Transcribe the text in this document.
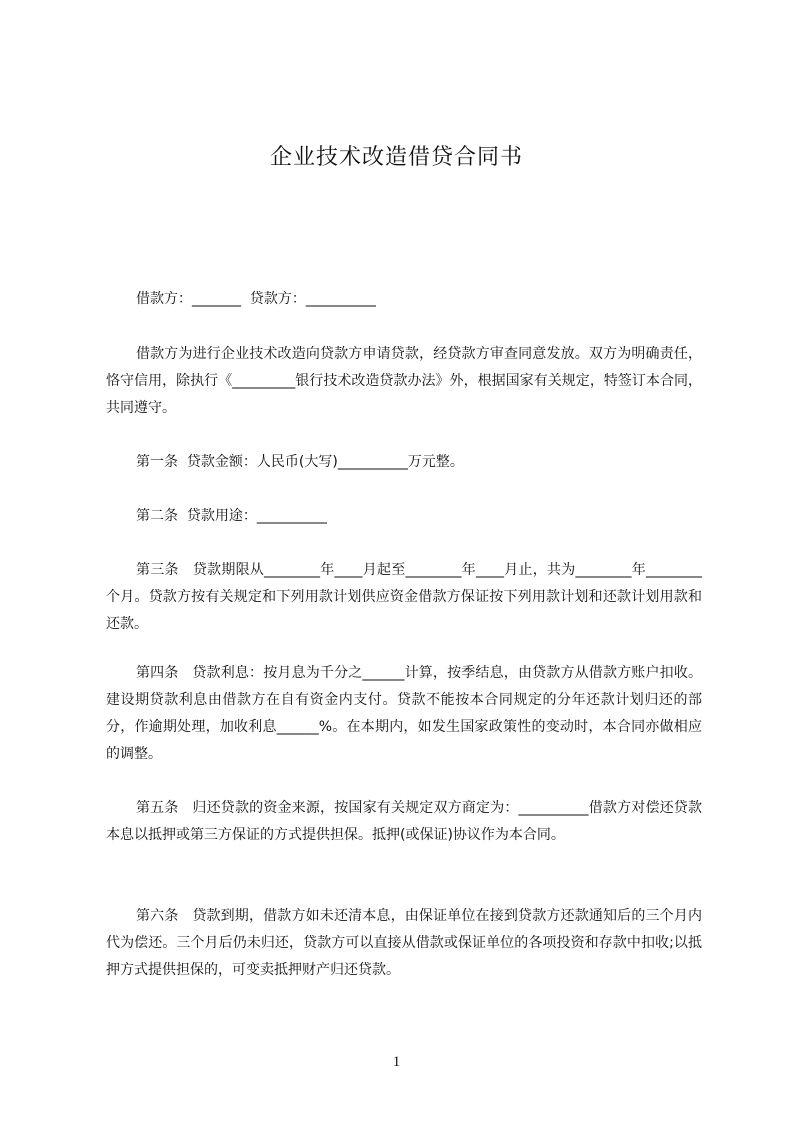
企业技术改造借贷合同书

借款方：_______  贷款方：__________

借款方为进行企业技术改造向贷款方申请贷款，经贷款方审查同意发放。双方为明确责任，恪守信用，除执行《_________银行技术改造贷款办法》外，根据国家有关规定，特签订本合同，共同遵守。

第一条  贷款金额：人民币(大写)__________万元整。

第二条  贷款用途：__________

第三条   贷款期限从________年____月起至________年____月止，共为________年________个月。贷款方按有关规定和下列用款计划供应资金借款方保证按下列用款计划和还款计划用款和还款。

第四条   贷款利息：按月息为千分之______计算，按季结息，由贷款方从借款方账户扣收。建设期贷款利息由借款方在自有资金内支付。贷款不能按本合同规定的分年还款计划归还的部分，作逾期处理，加收利息______%。在本期内，如发生国家政策性的变动时，本合同亦做相应的调整。

第五条   归还贷款的资金来源，按国家有关规定双方商定为：__________借款方对偿还贷款本息以抵押或第三方保证的方式提供担保。抵押(或保证)协议作为本合同。

第六条   贷款到期，借款方如未还清本息，由保证单位在接到贷款方还款通知后的三个月内代为偿还。三个月后仍未归还，贷款方可以直接从借款或保证单位的各项投资和存款中扣收;以抵押方式提供担保的，可变卖抵押财产归还贷款。

1
